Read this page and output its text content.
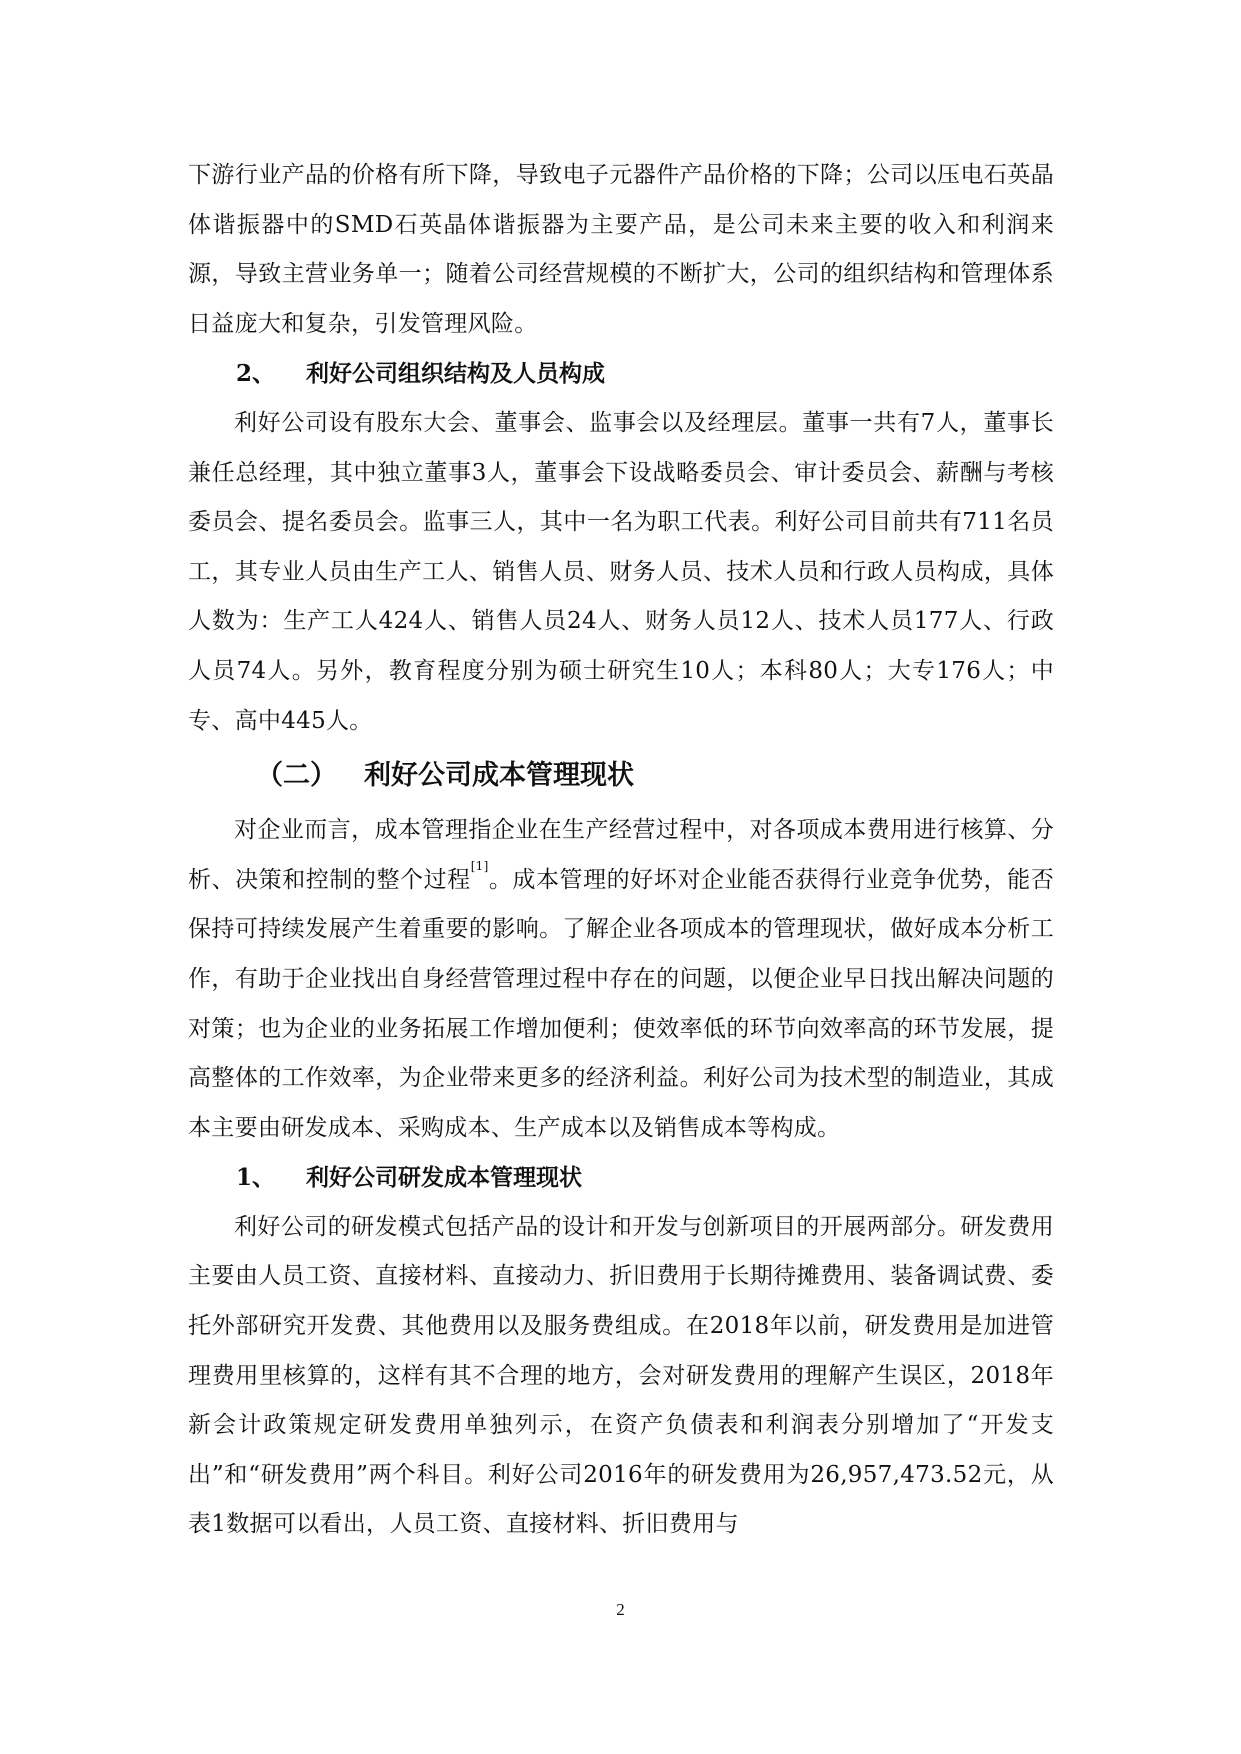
下游行业产品的价格有所下降，导致电子元器件产品价格的下降；公司以压电石英晶体谐振器中的SMD石英晶体谐振器为主要产品，是公司未来主要的收入和利润来源，导致主营业务单一；随着公司经营规模的不断扩大，公司的组织结构和管理体系日益庞大和复杂，引发管理风险。

2、 利好公司组织结构及人员构成

利好公司设有股东大会、董事会、监事会以及经理层。董事一共有7人，董事长兼任总经理，其中独立董事3人，董事会下设战略委员会、审计委员会、薪酬与考核委员会、提名委员会。监事三人，其中一名为职工代表。利好公司目前共有711名员工，其专业人员由生产工人、销售人员、财务人员、技术人员和行政人员构成，具体人数为：生产工人424人、销售人员24人、财务人员12人、技术人员177人、行政人员74人。另外，教育程度分别为硕士研究生10人；本科80人；大专176人；中专、高中445人。

（二） 利好公司成本管理现状

对企业而言，成本管理指企业在生产经营过程中，对各项成本费用进行核算、分析、决策和控制的整个过程[1]。成本管理的好坏对企业能否获得行业竞争优势，能否保持可持续发展产生着重要的影响。了解企业各项成本的管理现状，做好成本分析工作，有助于企业找出自身经营管理过程中存在的问题，以便企业早日找出解决问题的对策；也为企业的业务拓展工作增加便利；使效率低的环节向效率高的环节发展，提高整体的工作效率，为企业带来更多的经济利益。利好公司为技术型的制造业，其成本主要由研发成本、采购成本、生产成本以及销售成本等构成。

1、 利好公司研发成本管理现状

利好公司的研发模式包括产品的设计和开发与创新项目的开展两部分。研发费用主要由人员工资、直接材料、直接动力、折旧费用于长期待摊费用、装备调试费、委托外部研究开发费、其他费用以及服务费组成。在2018年以前，研发费用是加进管理费用里核算的，这样有其不合理的地方，会对研发费用的理解产生误区，2018年新会计政策规定研发费用单独列示，在资产负债表和利润表分别增加了“开发支出”和“研发费用”两个科目。利好公司2016年的研发费用为26,957,473.52元，从表1数据可以看出，人员工资、直接材料、折旧费用与

2
